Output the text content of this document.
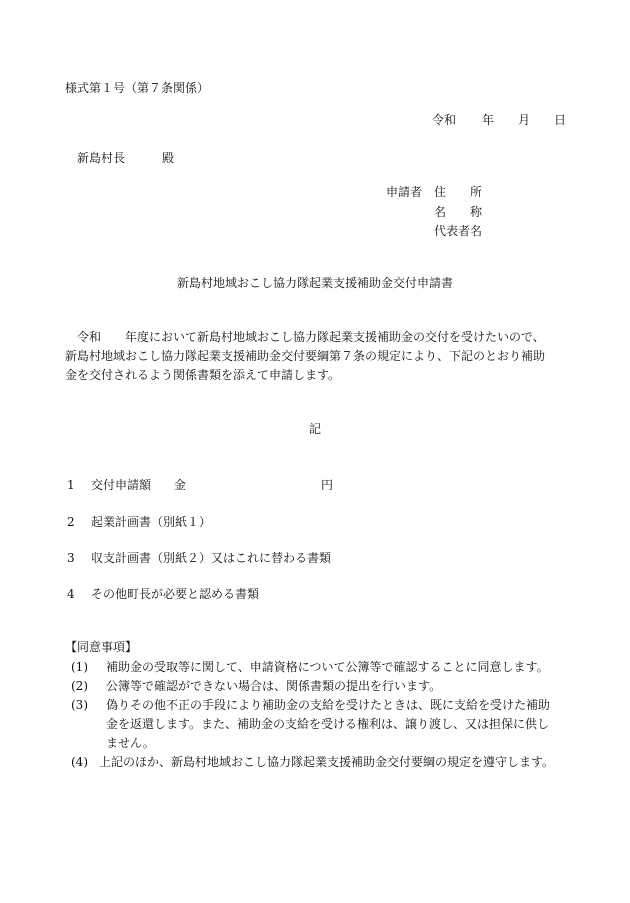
様式第１号（第７条関係）
令和 年 月 日
新島村長	殿
申請者 住　　所
名　　称
代表者名
新島村地域おこし協力隊起業支援補助金交付申請書

　令和　　年度において新島村地域おこし協力隊起業支援補助金の交付を受けたいので、

新島村地域おこし協力隊起業支援補助金交付要綱第７条の規定により、下記のとおり補助

金を交付されるよう関係書類を添えて申請します。

記
1 交付申請額 金	円
2 起業計画書（別紙１）
3 収支計画書（別紙２）又はこれに替わる書類
4 その他町長が必要と認める書類
【同意事項】
(1) 補助金の受取等に関して、申請資格について公簿等で確認することに同意します。
(2) 公簿等で確認ができない場合は、関係書類の提出を行います。
(3) 偽りその他不正の手段により補助金の支給を受けたときは、既に支給を受けた補助
金を返還します。また、補助金の支給を受ける権利は、譲り渡し、又は担保に供し
ません。
(4) 上記のほか、新島村地域おこし協力隊起業支援補助金交付要綱の規定を遵守します。
